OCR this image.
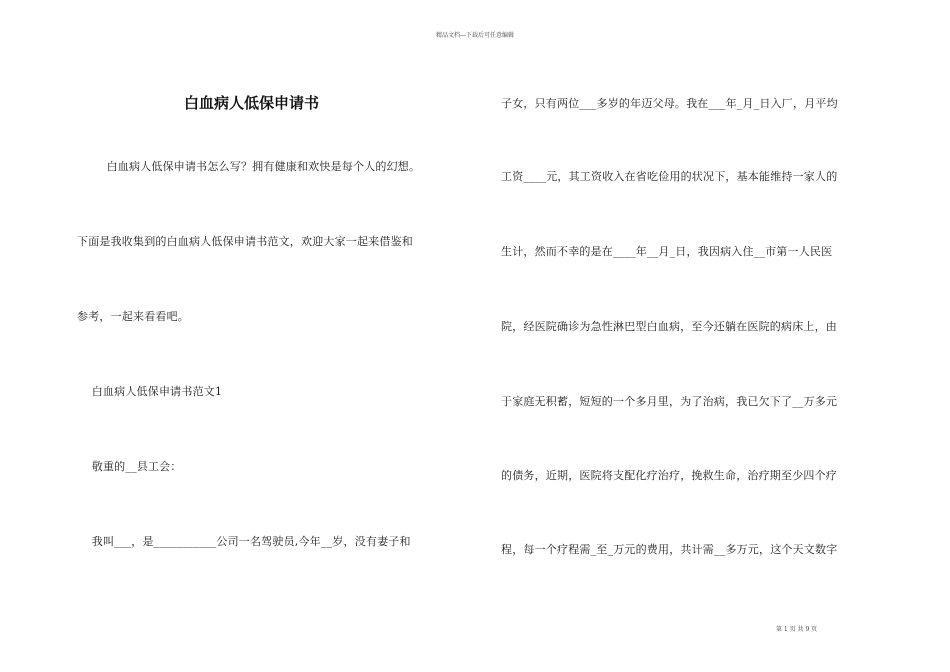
精品文档—下载后可任意编辑
白血病人低保申请书
白血病人低保申请书怎么写？拥有健康和欢快是每个人的幻想。
下面是我收集到的白血病人低保申请书范文，欢迎大家一起来借鉴和
参考，一起来看看吧。
白血病人低保申请书范文1
敬重的__县工会：
我叫___，是___________公司一名驾驶员,今年__岁，没有妻子和
子女，只有两位___多岁的年迈父母。我在___年_月_日入厂，月平均
工资____元，其工资收入在省吃俭用的状况下，基本能维持一家人的
生计，然而不幸的是在____年__月_日，我因病入住__市第一人民医
院，经医院确诊为急性淋巴型白血病，至今还躺在医院的病床上，由
于家庭无积蓄，短短的一个多月里，为了治病，我已欠下了__万多元
的债务，近期，医院将支配化疗治疗，挽救生命，治疗期至少四个疗
程，每一个疗程需_至_万元的费用，共计需__多万元，这个天文数字
第 1 页 共 9 页
